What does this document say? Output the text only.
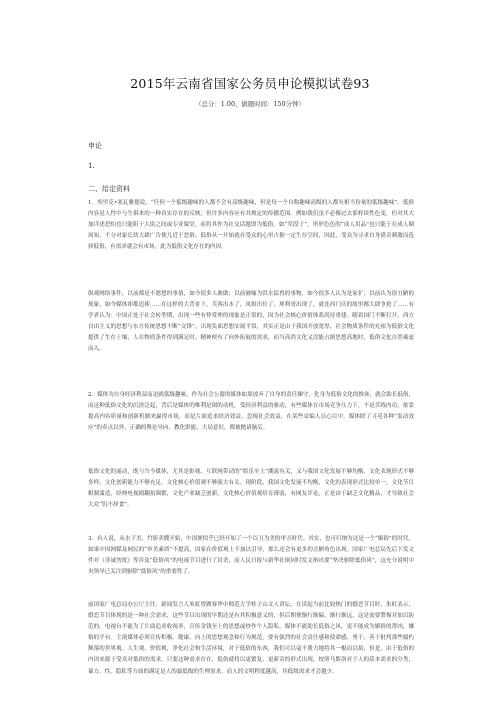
2015年云南省国家公务员申论模拟试卷93
（总分：1.00，做题时间：150分钟）
申论
1.
二、给定资料

1．埃里克•塞瓦雅德说，“任何一个低级趣味的人都不会有高级趣味，但是每一个自称趣味高级的人都有相当份量的低级趣味”。低俗内容是人性中与生俱来的一种真实存在的反映，但许多内容应有其规定的传播范围。例如我们虽不必像过去那样谈性色变，但对其大加详述恐怕也只能阻于大街之间或专业课堂，而将其作为社交话题即为低俗，如“荤段子”，形形色色的“成人用品”也只能于在成人圈周知，不分对象长幼大肆广告便几近于恶俗。低俗从一开始就在受众的心里占据一定生存空间，因此，受众为寻求自身猎奇刺激而选择低俗，有需求就会有市场，此为低俗文化存在的内因。

纵观网络事件，以前都是不愿想的事情，如今很多人敢做；以前被喻为洪水猛兽的事物，如今很多人认为是家犷；以前认为很丑陋的现象，如今媒体却都追捧……在这样的大背景下，芙蓉出水了，凤姐出位了，犀利哥出现了，就连西门庆的故里都大肆争抢了……有学者认为：中国正处于社会转型期，出现一些有悖常理的现象是正常的，因为社会核心价值体系尚待重建。随着国门不断打开，西方自由主义的思想与东方传统思想不断“交锋”，出现负面思想实属平常，其实正是由于我国开放宽厚，社会物质条件的充裕为低俗文化提供了生存土壤，人在物质条件得到满足时，精神便有了向外拓展的需求，而当高尚文化又没能占据思想高地时，低俗文化自然乘虚而入。

2．媒体为自身经济利益而迫就低级趣味。作为社会公器的媒体如果放弃了自身的责任操守，化身为低俗文化的推客，就会助长低俗，而这种低俗文化的沉渣泛起，背后是媒体的唯利是图的动机。受经济利益的驱动，有些媒体在市场竞争压力下，不是苦练内功，依靠提高内容质量和创新机制来赢得市场，而是片面追求经济效益，忽视社会效益，在某些采编人员心目中，媒体除了寻觅各种“轰动效应”的卖点以外，正确的舆论导向、教化职能、大局意识，都被抛诸脑后。

低俗文化的涌动，既与当今媒体，尤其是影视、互联网带动的“娱乐至上”潮流有关，又与我国文化发展不够均衡，文化表现形式不够多样，文化创新能力不够充足，文化核心价值观不够强大有关。现阶段，我国文化发展不均衡，文化的表现形式比较单一，文化节目粗制滥造，经典电视剧翻拍频繁，文化产业缺乏创新，文化核心价值观培育薄弱，有网友评论，正是由于缺乏文化精品，才导致社会大众“饥不择食”。

3．有人说，从水子美、竹影卖嫂开始，中国便似乎已经开始了一个以丑为美的审丑时代。其实，也可归纳为这是一个“媚俗”的时代。如果中国网媒及网民的“审美素质”不提高，国家在价值观上不加以引导，那么还会有更多的丑陋角色出现。国家广电总局先后下发文件对《非诚勿扰》等涉及“低俗风”的电视节目进行了封杀，而人民日报与新华社则同时发文指出要“坚决驱除低俗风”，这充分说明中央领导已关注到驱除“低俗风”的重要性了。

前国家广电总局办公厅主任、新闻发言人朱虹曾做客华中师范大学桂子山文人讲坛，在谈起当前比较热门的婚恋节目时，朱虹表示，婚恋节目体现的是一种社会需求，这些节目出现的早期还是有其积极意义的，但后期便渐行渐偏，渐行渐远，这是需要警惕并加以防范的。电视台不能为了片面追求收视率，宣传金钱至上的思想或炒作个人隐私，媒体不能助长低俗之风，更不能成为媚俗的帮凶，嫌俗的平台。主流媒体必须宣传积极、健康、向上的思想观念和行为规范，要有强烈的社会责任感和使命感，勇于、善于批判那些腐朽颓落的世界观、人生观、价值观，净化社会和生活环境，对于低俗的东西，我们可以毫不费力地将其一棍而以拍，但是，由于低俗的内因来源于受众对低俗的需求，只要这种需求存在，低俗就将以更繁复、更新奇的形式出现，按照马斯洛对于人的基本需求的分类，暴力、性、隐私等方面的满足是人的最低级的生理需求，而人的文明程度越高，其低级需求才会越少，
